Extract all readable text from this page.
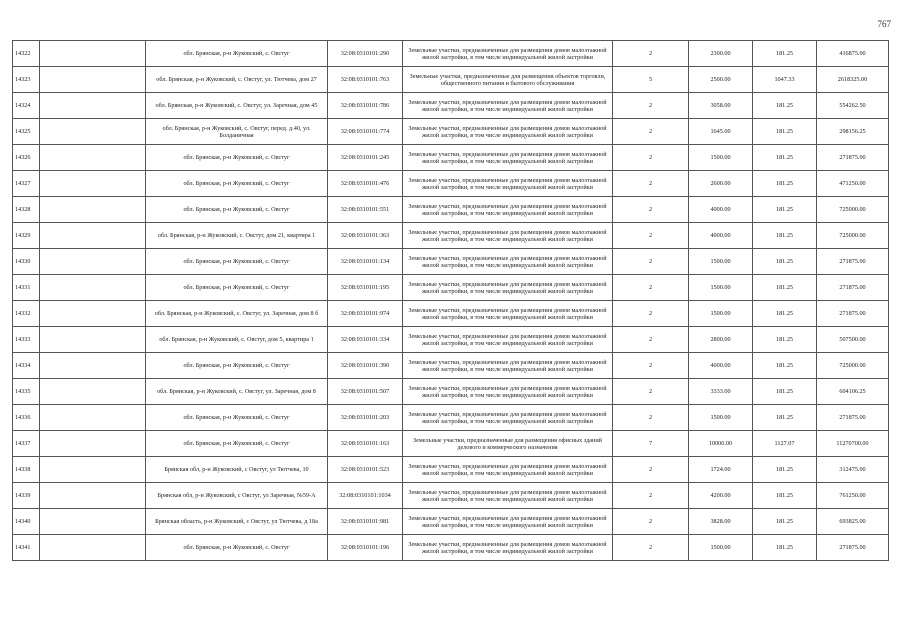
767
14322		обл. Брянская, р-н Жуковский, с. Овстуг	32:08:0310101:290	Земельные участки, предназначенные для размещения домов малоэтажной жилой застройки, в том числе индивидуальной жилой застройки	2	2300.00	181.25	416875.00
14323		обл. Брянская, р-н Жуковский, с. Овстуг, ул. Тютчева, дом 27	32:08:0310101:763	Земельные участки, предназначенные для размещения объектов торговли, общественного питания и бытового обслуживания	5	2500.00	1047.33	2618325.00
14324		обл. Брянская, р-н Жуковский, с. Овстуг, ул. Заречная, дом 45	32:08:0310101:786	Земельные участки, предназначенные для размещения домов малоэтажной жилой застройки, в том числе индивидуальной жилой застройки	2	3058.00	181.25	554262.50
14325		обл. Брянская, р-н Жуковский, с. Овстуг, перед. д.40, ул. Болданичная	32:08:0310101:774	Земельные участки, предназначенные для размещения домов малоэтажной жилой застройки, в том числе индивидуальной жилой застройки	2	1645.00	181.25	298156.25
14326		обл. Брянская, р-н Жуковский, с. Овстуг	32:08:0310101:245	Земельные участки, предназначенные для размещения домов малоэтажной жилой застройки, в том числе индивидуальной жилой застройки	2	1500.00	181.25	271875.00
14327		обл. Брянская, р-н Жуковский, с. Овстуг	32:08:0310101:476	Земельные участки, предназначенные для размещения домов малоэтажной жилой застройки, в том числе индивидуальной жилой застройки	2	2600.00	181.25	471250.00
14328		обл. Брянская, р-н Жуковский, с. Овстуг	32:08:0310101:551	Земельные участки, предназначенные для размещения домов малоэтажной жилой застройки, в том числе индивидуальной жилой застройки	2	4000.00	181.25	725000.00
14329		обл. Брянская, р-н Жуковский, с. Овстуг, дом 21, квартира 1	32:08:0310101:363	Земельные участки, предназначенные для размещения домов малоэтажной жилой застройки, в том числе индивидуальной жилой застройки	2	4000.00	181.25	725000.00
14330		обл. Брянская, р-н Жуковский, с. Овстуг	32:08:0310101:134	Земельные участки, предназначенные для размещения домов малоэтажной жилой застройки, в том числе индивидуальной жилой застройки	2	1500.00	181.25	271875.00
14331		обл. Брянская, р-н Жуковский, с. Овстуг	32:08:0310101:195	Земельные участки, предназначенные для размещения домов малоэтажной жилой застройки, в том числе индивидуальной жилой застройки	2	1500.00	181.25	271875.00
14332		обл. Брянская, р-н Жуковский, с. Овстуг, ул. Заречная, дом 8 б	32:08:0310101:974	Земельные участки, предназначенные для размещения домов малоэтажной жилой застройки, в том числе индивидуальной жилой застройки	2	1500.00	181.25	271875.00
14333		обл. Брянская, р-н Жуковский, с. Овстуг, дом 5, квартира 1	32:08:0310101:334	Земельные участки, предназначенные для размещения домов малоэтажной жилой застройки, в том числе индивидуальной жилой застройки	2	2800.00	181.25	507500.00
14334		обл. Брянская, р-н Жуковский, с. Овстуг	32:08:0310101:390	Земельные участки, предназначенные для размещения домов малоэтажной жилой застройки, в том числе индивидуальной жилой застройки	2	4000.00	181.25	725000.00
14335		обл. Брянская, р-н Жуковский, с. Овстуг, ул. Заречная, дом 8	32:08:0310101:507	Земельные участки, предназначенные для размещения домов малоэтажной жилой застройки, в том числе индивидуальной жилой застройки	2	3333.00	181.25	604106.25
14336		обл. Брянская, р-н Жуковский, с. Овстуг	32:08:0310101:203	Земельные участки, предназначенные для размещения домов малоэтажной жилой застройки, в том числе индивидуальной жилой застройки	2	1500.00	181.25	271875.00
14337		обл. Брянская, р-н Жуковский, с. Овстуг	32:08:0310101:163	Земельные участки, предназначенные для размещения офисных зданий делового и коммерческого назначения	7	10000.00	1127.07	11270700.00
14338		Брянская обл, р-н Жуковский, с Овстуг, ул Тютчева, 10	32:08:0310101:523	Земельные участки, предназначенные для размещения домов малоэтажной жилой застройки, в том числе индивидуальной жилой застройки	2	1724.00	181.25	312475.00
14339		Брянская обл, р-н Жуковский, с Овстуг, ул Заречная, №59-А	32:08:0310101:1034	Земельные участки, предназначенные для размещения домов малоэтажной жилой застройки, в том числе индивидуальной жилой застройки	2	4200.00	181.25	761250.00
14340		Брянская область, р-н Жуковский, с Овстуг, ул Тютчева, д 18а	32:08:0310101:981	Земельные участки, предназначенные для размещения домов малоэтажной жилой застройки, в том числе индивидуальной жилой застройки	2	3828.00	181.25	693825.00
14341		обл. Брянская, р-н Жуковский, с. Овстуг	32:08:0310101:196	Земельные участки, предназначенные для размещения домов малоэтажной жилой застройки, в том числе индивидуальной жилой застройки	2	1500.00	181.25	271875.00
